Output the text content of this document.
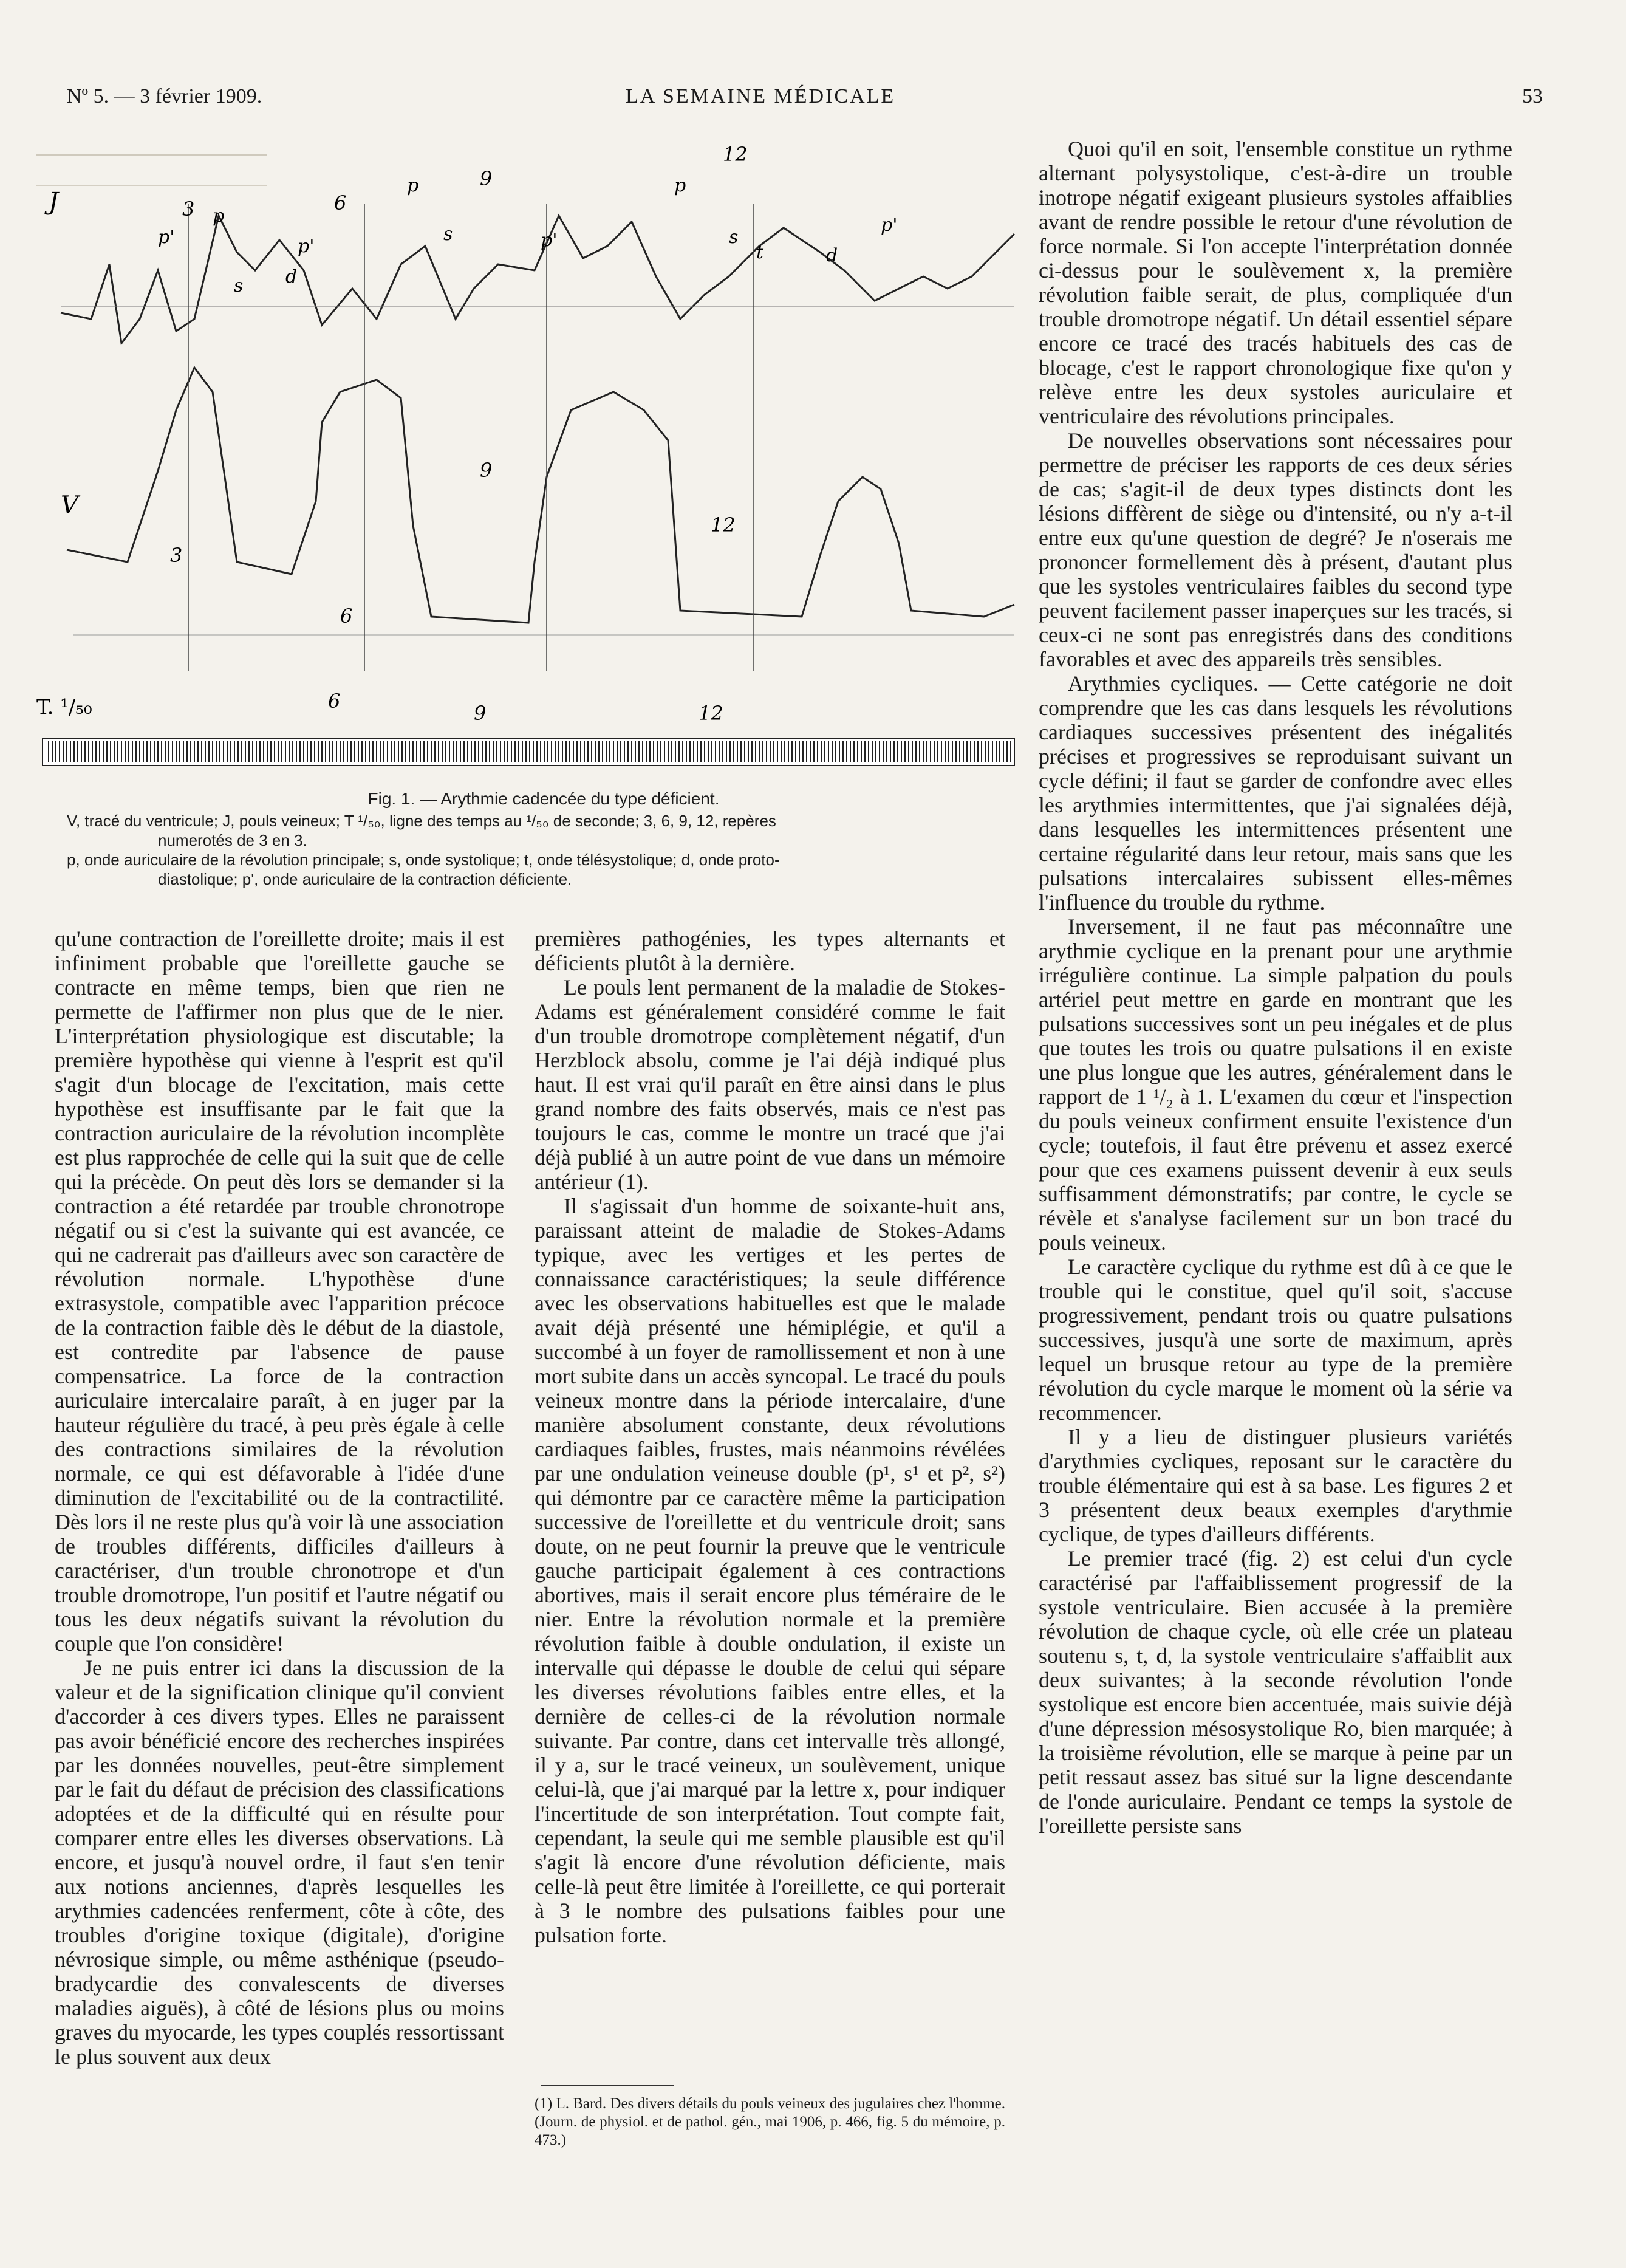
Nº 5. — 3 février 1909.	LA SEMAINE MÉDICALE	53
J
V
T. ¹/₅₀
3
3
6
6
6
9
9
9
12
12
12
p'	p'	p'
p'
p	p
p
s
s	s
d
d
t
Fig. 1. — Arythmie cadencée du type déficient.
V, tracé du ventricule; J, pouls veineux; T ¹/₅₀, ligne des temps au ¹/₅₀ de seconde; 3, 6, 9, 12, repères
numerotés de 3 en 3.
p, onde auriculaire de la révolution principale; s, onde systolique; t, onde télésystolique; d, onde proto-
diastolique; p', onde auriculaire de la contraction déficiente.

qu'une contraction de l'oreillette droite; mais il est infiniment probable que l'oreillette gauche se contracte en même temps, bien que rien ne permette de l'affirmer non plus que de le nier. L'interprétation physiologique est discutable; la première hypothèse qui vienne à l'esprit est qu'il s'agit d'un blocage de l'excitation, mais cette hypothèse est insuffisante par le fait que la contraction auriculaire de la révolution incomplète est plus rapprochée de celle qui la suit que de celle qui la précède. On peut dès lors se demander si la contraction a été retardée par trouble chronotrope négatif ou si c'est la suivante qui est avancée, ce qui ne cadrerait pas d'ailleurs avec son caractère de révolution normale. L'hypothèse d'une extrasystole, compatible avec l'apparition précoce de la contraction faible dès le début de la diastole, est contredite par l'absence de pause compensatrice. La force de la contraction auriculaire intercalaire paraît, à en juger par la hauteur régulière du tracé, à peu près égale à celle des contractions similaires de la révolution normale, ce qui est défavorable à l'idée d'une diminution de l'excitabilité ou de la contractilité. Dès lors il ne reste plus qu'à voir là une association de troubles différents, difficiles d'ailleurs à caractériser, d'un trouble chronotrope et d'un trouble dromotrope, l'un positif et l'autre négatif ou tous les deux négatifs suivant la révolution du couple que l'on considère!

Je ne puis entrer ici dans la discussion de la valeur et de la signification clinique qu'il convient d'accorder à ces divers types. Elles ne paraissent pas avoir bénéficié encore des recherches inspirées par les données nouvelles, peut-être simplement par le fait du défaut de précision des classifications adoptées et de la difficulté qui en résulte pour comparer entre elles les diverses observations. Là encore, et jusqu'à nouvel ordre, il faut s'en tenir aux notions anciennes, d'après lesquelles les arythmies cadencées renferment, côte à côte, des troubles d'origine toxique (digitale), d'origine névrosique simple, ou même asthénique (pseudo-bradycardie des convalescents de diverses maladies aiguës), à côté de lésions plus ou moins graves du myocarde, les types couplés ressortissant le plus souvent aux deux

premières pathogénies, les types alternants et déficients plutôt à la dernière.

Le pouls lent permanent de la maladie de Stokes-Adams est généralement considéré comme le fait d'un trouble dromotrope complètement négatif, d'un Herzblock absolu, comme je l'ai déjà indiqué plus haut. Il est vrai qu'il paraît en être ainsi dans le plus grand nombre des faits observés, mais ce n'est pas toujours le cas, comme le montre un tracé que j'ai déjà publié à un autre point de vue dans un mémoire antérieur (1).

Il s'agissait d'un homme de soixante-huit ans, paraissant atteint de maladie de Stokes-Adams typique, avec les vertiges et les pertes de connaissance caractéristiques; la seule différence avec les observations habituelles est que le malade avait déjà présenté une hémiplégie, et qu'il a succombé à un foyer de ramollissement et non à une mort subite dans un accès syncopal. Le tracé du pouls veineux montre dans la période intercalaire, d'une manière absolument constante, deux révolutions cardiaques faibles, frustes, mais néanmoins révélées par une ondulation veineuse double (p¹, s¹ et p², s²) qui démontre par ce caractère même la participation successive de l'oreillette et du ventricule droit; sans doute, on ne peut fournir la preuve que le ventricule gauche participait également à ces contractions abortives, mais il serait encore plus téméraire de le nier. Entre la révolution normale et la première révolution faible à double ondulation, il existe un intervalle qui dépasse le double de celui qui sépare les diverses révolutions faibles entre elles, et la dernière de celles-ci de la révolution normale suivante. Par contre, dans cet intervalle très allongé, il y a, sur le tracé veineux, un soulèvement, unique celui-là, que j'ai marqué par la lettre x, pour indiquer l'incertitude de son interprétation. Tout compte fait, cependant, la seule qui me semble plausible est qu'il s'agit là encore d'une révolution déficiente, mais celle-là peut être limitée à l'oreillette, ce qui porterait à 3 le nombre des pulsations faibles pour une pulsation forte.

(1) L. Bard. Des divers détails du pouls veineux des jugulaires chez l'homme. (Journ. de physiol. et de pathol. gén., mai 1906, p. 466, fig. 5 du mémoire, p. 473.)

Quoi qu'il en soit, l'ensemble constitue un rythme alternant polysystolique, c'est-à-dire un trouble inotrope négatif exigeant plusieurs systoles affaiblies avant de rendre possible le retour d'une révolution de force normale. Si l'on accepte l'interprétation donnée ci-dessus pour le soulèvement x, la première révolution faible serait, de plus, compliquée d'un trouble dromotrope négatif. Un détail essentiel sépare encore ce tracé des tracés habituels des cas de blocage, c'est le rapport chronologique fixe qu'on y relève entre les deux systoles auriculaire et ventriculaire des révolutions principales.

De nouvelles observations sont nécessaires pour permettre de préciser les rapports de ces deux séries de cas; s'agit-il de deux types distincts dont les lésions diffèrent de siège ou d'intensité, ou n'y a-t-il entre eux qu'une question de degré? Je n'oserais me prononcer formellement dès à présent, d'autant plus que les systoles ventriculaires faibles du second type peuvent facilement passer inaperçues sur les tracés, si ceux-ci ne sont pas enregistrés dans des conditions favorables et avec des appareils très sensibles.

Arythmies cycliques. — Cette catégorie ne doit comprendre que les cas dans lesquels les révolutions cardiaques successives présentent des inégalités précises et progressives se reproduisant suivant un cycle défini; il faut se garder de confondre avec elles les arythmies intermittentes, que j'ai signalées déjà, dans lesquelles les intermittences présentent une certaine régularité dans leur retour, mais sans que les pulsations intercalaires subissent elles-mêmes l'influence du trouble du rythme.

Inversement, il ne faut pas méconnaître une arythmie cyclique en la prenant pour une arythmie irrégulière continue. La simple palpation du pouls artériel peut mettre en garde en montrant que les pulsations successives sont un peu inégales et de plus que toutes les trois ou quatre pulsations il en existe une plus longue que les autres, généralement dans le rapport de 1 ¹/₂ à 1. L'examen du cœur et l'inspection du pouls veineux confirment ensuite l'existence d'un cycle; toutefois, il faut être prévenu et assez exercé pour que ces examens puissent devenir à eux seuls suffisamment démonstratifs; par contre, le cycle se révèle et s'analyse facilement sur un bon tracé du pouls veineux.

Le caractère cyclique du rythme est dû à ce que le trouble qui le constitue, quel qu'il soit, s'accuse progressivement, pendant trois ou quatre pulsations successives, jusqu'à une sorte de maximum, après lequel un brusque retour au type de la première révolution du cycle marque le moment où la série va recommencer.

Il y a lieu de distinguer plusieurs variétés d'arythmies cycliques, reposant sur le caractère du trouble élémentaire qui est à sa base. Les figures 2 et 3 présentent deux beaux exemples d'arythmie cyclique, de types d'ailleurs différents.

Le premier tracé (fig. 2) est celui d'un cycle caractérisé par l'affaiblissement progressif de la systole ventriculaire. Bien accusée à la première révolution de chaque cycle, où elle crée un plateau soutenu s, t, d, la systole ventriculaire s'affaiblit aux deux suivantes; à la seconde révolution l'onde systolique est encore bien accentuée, mais suivie déjà d'une dépression mésosystolique Ro, bien marquée; à la troisième révolution, elle se marque à peine par un petit ressaut assez bas situé sur la ligne descendante de l'onde auriculaire. Pendant ce temps la systole de l'oreillette persiste sans
